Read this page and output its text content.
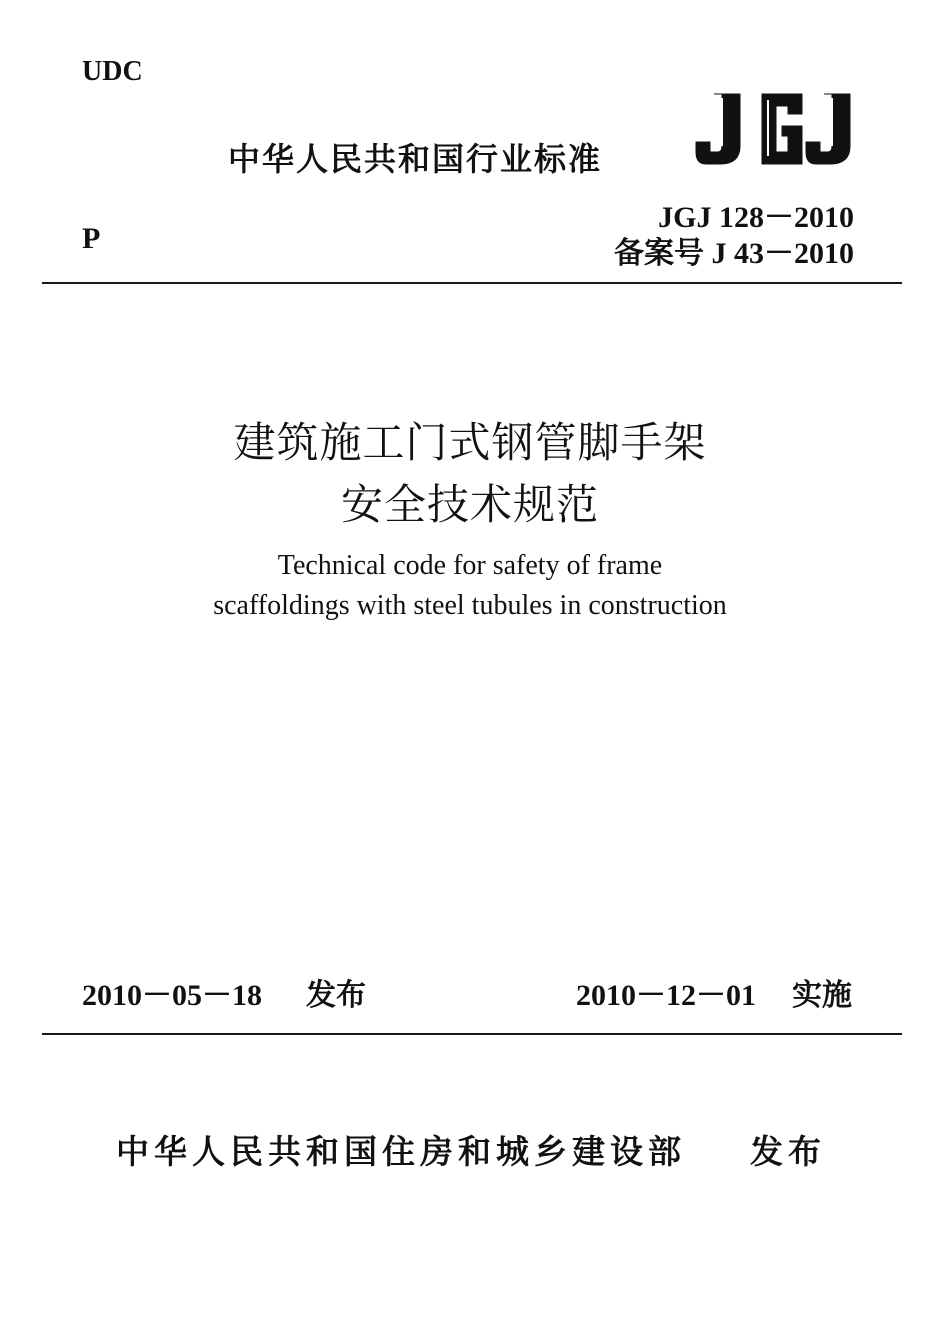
UDC
P
中华人民共和国行业标准
JGJ 128－2010
备案号 J 43－2010
建筑施工门式钢管脚手架
安全技术规范
Technical code for safety of frame
scaffoldings with steel tubules in construction
2010－05－18 发布	2010－12－01 实施
中华人民共和国住房和城乡建设部 发布
